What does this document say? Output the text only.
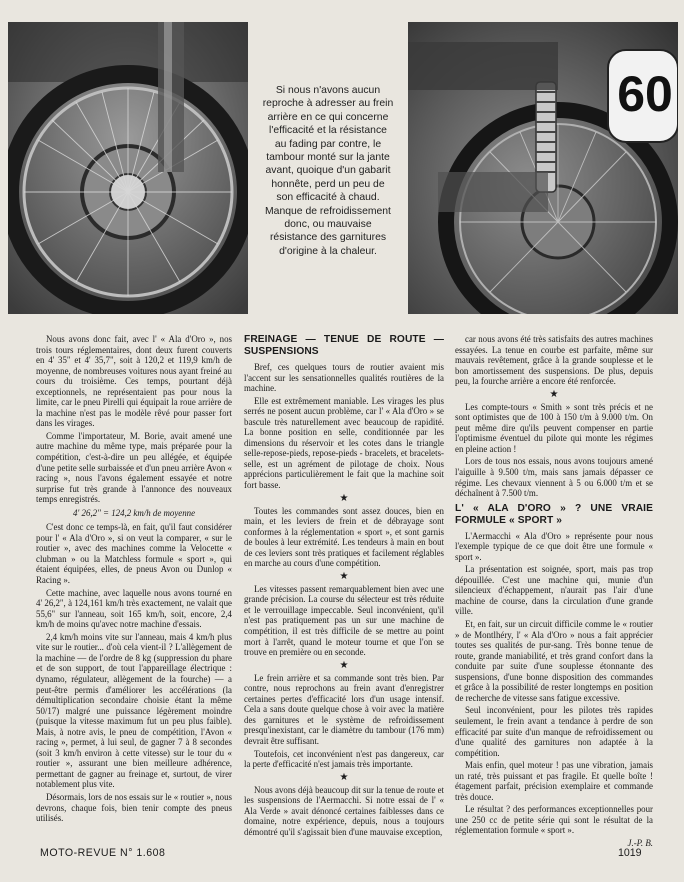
Si nous n'avons aucun reproche à adresser au frein arrière en ce qui concerne l'efficacité et la résistance au fading par contre, le tambour monté sur la jante avant, quoique d'un gabarit honnête, perd un peu de son efficacité à chaud. Manque de refroidissement donc, ou mauvaise résistance des garnitures d'origine à la chaleur.
60

Nous avons donc fait, avec l' « Ala d'Oro », nos trois tours réglementaires, dont deux furent couverts en 4' 35" et 4' 35,7", soit à 120,2 et 119,9 km/h de moyenne, de nombreuses voitures nous ayant freiné au cours du troisième. Ces temps, pourtant déjà exceptionnels, ne représentaient pas pour nous la limite, car le pneu Pirelli qui équipait la roue arrière de la machine n'est pas le modèle rêvé pour passer fort dans les virages.

Comme l'importateur, M. Borie, avait amené une autre machine du même type, mais préparée pour la compétition, c'est-à-dire un peu allégée, et équipée d'une petite selle surbaissée et d'un pneu arrière Avon « racing », nous l'avons également essayée et notre surprise fut très grande à l'annonce des nouveaux temps enregistrés.

4' 26,2" = 124,2 km/h de moyenne

C'est donc ce temps-là, en fait, qu'il faut considérer pour l' « Ala d'Oro », si on veut la comparer, « sur le routier », avec des machines comme la Velocette « clubman » ou la Matchless formule « sport », qui étaient équipées, elles, de pneus Avon ou Dunlop « Racing ».

Cette machine, avec laquelle nous avons tourné en 4' 26,2", à 124,161 km/h très exactement, ne valait que 55,6" sur l'anneau, soit 165 km/h, soit, encore, 2,4 km/h de moins qu'avec notre machine d'essais.

2,4 km/h moins vite sur l'anneau, mais 4 km/h plus vite sur le routier... d'où cela vient-il ? L'allègement de la machine — de l'ordre de 8 kg (suppression du phare et de son support, de tout l'appareillage électrique : dynamo, régulateur, allègement de la fourche) — a peut-être permis d'améliorer les accélérations (la démultiplication secondaire choisie étant la même 50/17) malgré une puissance légèrement moindre (puisque la vitesse maximum fut un peu plus faible). Mais, à notre avis, le pneu de compétition, l'Avon « racing », permet, à lui seul, de gagner 7 à 8 secondes (soit 3 km/h environ à cette vitesse) sur le tour du « routier », assurant une bien meilleure adhérence, permettant de gagner au freinage et, surtout, de virer notablement plus vite.

Désormais, lors de nos essais sur le « routier », nous devrons, chaque fois, bien tenir compte des pneus utilisés.

FREINAGE — TENUE DE ROUTE — SUSPENSIONS

Bref, ces quelques tours de routier avaient mis l'accent sur les sensationnelles qualités routières de la machine.

Elle est extrêmement maniable. Les virages les plus serrés ne posent aucun problème, car l' « Ala d'Oro » se bascule très naturellement avec beaucoup de rapidité. La bonne position en selle, conditionnée par les dimensions du réservoir et les cotes dans le triangle selle-repose-pieds, repose-pieds - bracelets, et bracelets-selle, est un agrément de pilotage de choix. Nous apprécions particulièrement le fait que la machine soit fort basse.

★

Toutes les commandes sont assez douces, bien en main, et les leviers de frein et de débrayage sont conformes à la réglementation « sport », et sont garnis de boules à leur extrémité. Les tendeurs à main en bout de ces leviers sont très pratiques et facilement réglables en marche au cours d'une compétition.

★

Les vitesses passent remarquablement bien avec une grande précision. La course du sélecteur est très réduite et le verrouillage impeccable. Seul inconvénient, qu'il n'est pas pratiquement pas un sur une machine de compétition, il est très difficile de se mettre au point mort à l'arrêt, quand le moteur tourne et que l'on se trouve en première ou en seconde.

★

Le frein arrière et sa commande sont très bien. Par contre, nous reprochons au frein avant d'enregistrer certaines pertes d'efficacité lors d'un usage intensif. Cela a sans doute quelque chose à voir avec la matière des garnitures et le système de refroidissement presqu'inexistant, car le diamètre du tambour (176 mm) devrait être suffisant.

Toutefois, cet inconvénient n'est pas dangereux, car la perte d'efficacité n'est jamais très importante.

★

Nous avons déjà beaucoup dit sur la tenue de route et les suspensions de l'Aermacchi. Si notre essai de l' « Ala Verde » avait dénoncé certaines faiblesses dans ce domaine, notre expérience, depuis, nous a toujours démontré qu'il s'agissait bien d'une mauvaise exception,

car nous avons été très satisfaits des autres machines essayées. La tenue en courbe est parfaite, même sur mauvais revêtement, grâce à la grande souplesse et le bon amortissement des suspensions. De plus, depuis peu, la fourche arrière a encore été renforcée.

★

Les compte-tours « Smith » sont très précis et ne sont optimistes que de 100 à 150 t/m à 9.000 t/m. On peut même dire qu'ils peuvent compenser en partie l'optimisme éventuel du pilote qui monte les régimes en pleine action !

Lors de tous nos essais, nous avons toujours amené l'aiguille à 9.500 t/m, mais sans jamais dépasser ce régime. Les chevaux viennent à 5 ou 6.000 t/m et se déchaînent à 7.500 t/m.

L' « ALA D'ORO » ? UNE VRAIE FORMULE « SPORT »

L'Aermacchi « Ala d'Oro » représente pour nous l'exemple typique de ce que doit être une formule « sport ».

La présentation est soignée, sport, mais pas trop dépouillée. C'est une machine qui, munie d'un silencieux d'échappement, n'aurait pas l'air d'une machine de course, dans la circulation d'une grande ville.

Et, en fait, sur un circuit difficile comme le « routier » de Montlhéry, l' « Ala d'Oro » nous a fait apprécier toutes ses qualités de pur-sang. Très bonne tenue de route, grande maniabilité, et très grand confort dans la conduite par suite d'une souplesse étonnante des suspensions, d'une bonne disposition des commandes et grâce à la possibilité de rester longtemps en position de recherche de vitesse sans fatigue excessive.

Seul inconvénient, pour les pilotes très rapides seulement, le frein avant a tendance à perdre de son efficacité par suite d'un manque de refroidissement ou d'une qualité des garnitures non adaptée à la compétition.

Mais enfin, quel moteur ! pas une vibration, jamais un raté, très puissant et pas fragile. Et quelle boîte ! étagement parfait, précision exemplaire et commande très douce.

Le résultat ? des performances exceptionnelles pour une 250 cc de petite série qui sont le résultat de la réglementation formule « sport ».

J.-P. B.
MOTO-REVUE N° 1.608	1019
